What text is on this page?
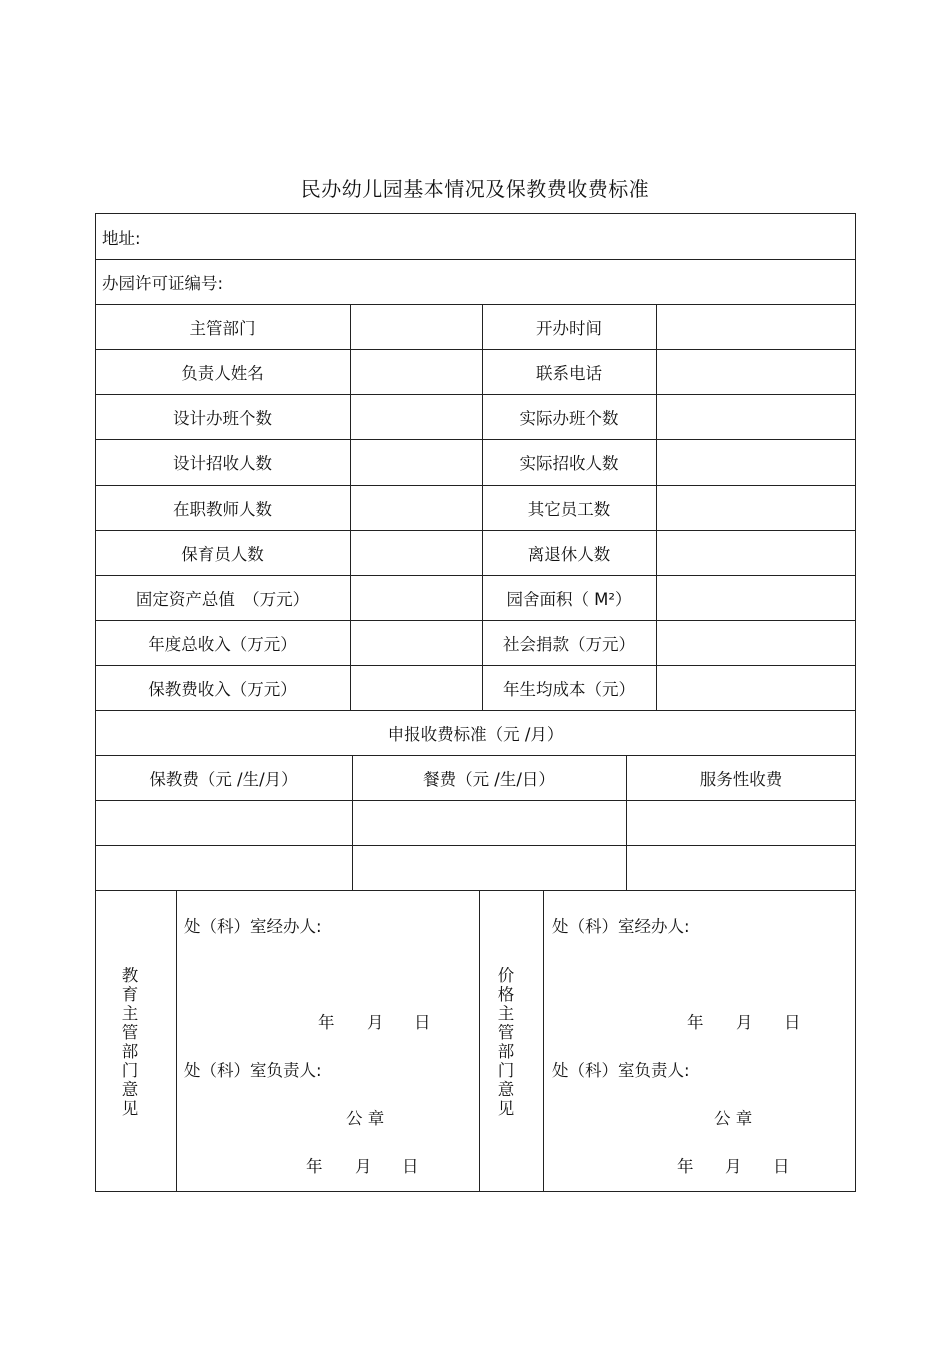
民办幼儿园基本情况及保教费收费标准
地址:
办园许可证编号:
主管部门	开办时间
负责人姓名	联系电话
设计办班个数	实际办班个数
设计招收人数	实际招收人数
在职教师人数	其它员工数
保育员人数	离退休人数
固定资产总值　（万元）	园舍面积（ M²）
年度总收入（万元）	社会捐款（万元）
保教费收入（万元）	年生均成本（元）
申报收费标准（元 /月）
保教费（元 /生/月）	餐费（元 /生/日）	服务性收费
教育主管部门意见
处（科）室经办人:
年 月 日
处（科）室负责人:
公 章
年 月 日
价格主管部门意见
处（科）室经办人:
年 月 日
处（科）室负责人:
公 章
年 月 日
